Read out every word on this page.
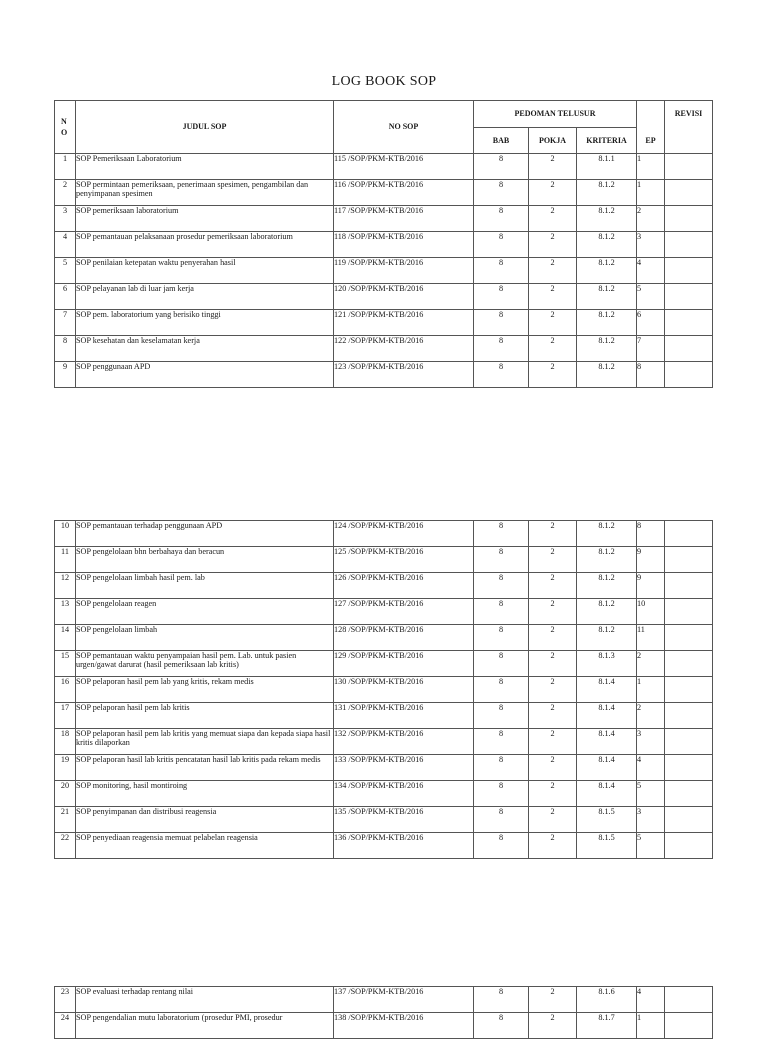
LOG BOOK SOP
N
O	JUDUL SOP	NO SOP	PEDOMAN TELUSUR				REVISI
			BAB	POKJA	KRITERIA	EP	
1	SOP Pemeriksaan Laboratorium	115 /SOP/PKM-KTB/2016	8	2	8.1.1	1	
2	SOP permintaan pemeriksaan, penerimaan spesimen, pengambilan dan penyimpanan spesimen	116 /SOP/PKM-KTB/2016	8	2	8.1.2	1	
3	SOP pemeriksaan laboratorium	117 /SOP/PKM-KTB/2016	8	2	8.1.2	2	
4	SOP pemantauan pelaksanaan prosedur pemeriksaan laboratorium	118 /SOP/PKM-KTB/2016	8	2	8.1.2	3	
5	SOP penilaian ketepatan waktu penyerahan hasil	119 /SOP/PKM-KTB/2016	8	2	8.1.2	4	
6	SOP pelayanan lab di luar jam kerja	120 /SOP/PKM-KTB/2016	8	2	8.1.2	5	
7	SOP pem. laboratorium yang berisiko tinggi	121 /SOP/PKM-KTB/2016	8	2	8.1.2	6	
8	SOP kesehatan dan keselamatan kerja	122 /SOP/PKM-KTB/2016	8	2	8.1.2	7	
9	SOP penggunaan APD	123 /SOP/PKM-KTB/2016	8	2	8.1.2	8	
10	SOP pemantauan terhadap penggunaan APD	124 /SOP/PKM-KTB/2016	8	2	8.1.2	8	
11	SOP pengelolaan bhn berbahaya dan beracun	125 /SOP/PKM-KTB/2016	8	2	8.1.2	9	
12	SOP pengelolaan limbah hasil pem. lab	126 /SOP/PKM-KTB/2016	8	2	8.1.2	9	
13	SOP pengelolaan reagen	127 /SOP/PKM-KTB/2016	8	2	8.1.2	10	
14	SOP pengelolaan limbah	128 /SOP/PKM-KTB/2016	8	2	8.1.2	11	
15	SOP pemantauan waktu penyampaian hasil pem. Lab. untuk pasien urgen/gawat darurat (hasil pemeriksaan lab kritis)	129 /SOP/PKM-KTB/2016	8	2	8.1.3	2	
16	SOP pelaporan hasil pem lab yang kritis, rekam medis	130 /SOP/PKM-KTB/2016	8	2	8.1.4	1	
17	SOP pelaporan hasil pem lab kritis	131 /SOP/PKM-KTB/2016	8	2	8.1.4	2	
18	SOP pelaporan hasil pem lab kritis yang memuat siapa dan kepada siapa hasil kritis dilaporkan	132 /SOP/PKM-KTB/2016	8	2	8.1.4	3	
19	SOP pelaporan hasil lab kritis pencatatan hasil lab kritis pada rekam medis	133 /SOP/PKM-KTB/2016	8	2	8.1.4	4	
20	SOP monitoring, hasil montiroing	134 /SOP/PKM-KTB/2016	8	2	8.1.4	5	
21	SOP penyimpanan dan distribusi reagensia	135 /SOP/PKM-KTB/2016	8	2	8.1.5	3	
22	SOP penyediaan reagensia memuat pelabelan reagensia	136 /SOP/PKM-KTB/2016	8	2	8.1.5	5	
23	SOP evaluasi terhadap rentang nilai	137 /SOP/PKM-KTB/2016	8	2	8.1.6	4	
24	SOP pengendalian mutu laboratorium (prosedur PMI, prosedur	138 /SOP/PKM-KTB/2016	8	2	8.1.7	1	
